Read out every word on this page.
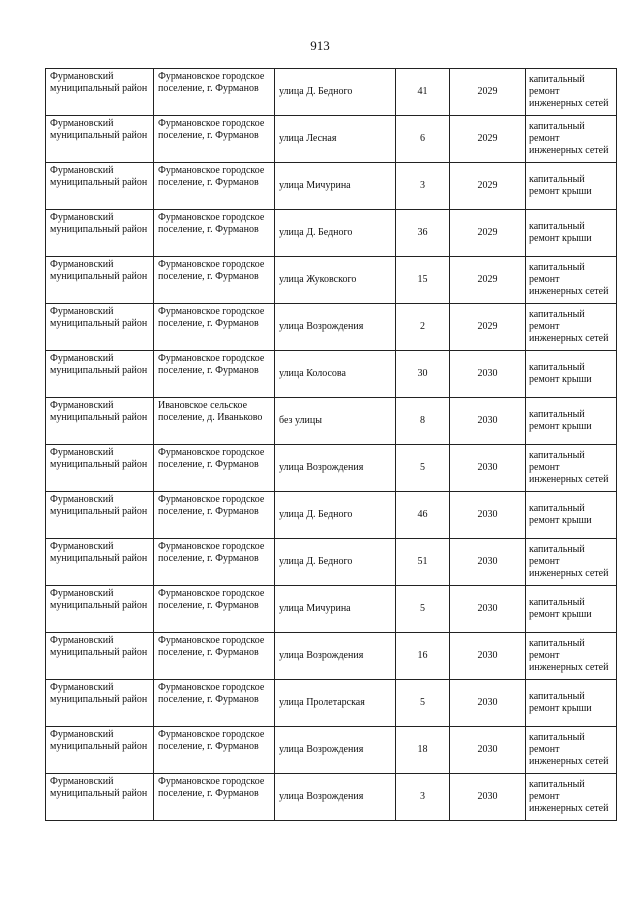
913
Фурмановский муниципальный район	Фурмановское городское поселение, г. Фурманов	улица Д. Бедного	41	2029	капитальный ремонт инженерных сетей
Фурмановский муниципальный район	Фурмановское городское поселение, г. Фурманов	улица Лесная	6	2029	капитальный ремонт инженерных сетей
Фурмановский муниципальный район	Фурмановское городское поселение, г. Фурманов	улица Мичурина	3	2029	капитальный ремонт крыши
Фурмановский муниципальный район	Фурмановское городское поселение, г. Фурманов	улица Д. Бедного	36	2029	капитальный ремонт крыши
Фурмановский муниципальный район	Фурмановское городское поселение, г. Фурманов	улица Жуковского	15	2029	капитальный ремонт инженерных сетей
Фурмановский муниципальный район	Фурмановское городское поселение, г. Фурманов	улица Возрождения	2	2029	капитальный ремонт инженерных сетей
Фурмановский муниципальный район	Фурмановское городское поселение, г. Фурманов	улица Колосова	30	2030	капитальный ремонт крыши
Фурмановский муниципальный район	Ивановское сельское поселение, д. Иваньково	без улицы	8	2030	капитальный ремонт крыши
Фурмановский муниципальный район	Фурмановское городское поселение, г. Фурманов	улица Возрождения	5	2030	капитальный ремонт инженерных сетей
Фурмановский муниципальный район	Фурмановское городское поселение, г. Фурманов	улица Д. Бедного	46	2030	капитальный ремонт крыши
Фурмановский муниципальный район	Фурмановское городское поселение, г. Фурманов	улица Д. Бедного	51	2030	капитальный ремонт инженерных сетей
Фурмановский муниципальный район	Фурмановское городское поселение, г. Фурманов	улица Мичурина	5	2030	капитальный ремонт крыши
Фурмановский муниципальный район	Фурмановское городское поселение, г. Фурманов	улица Возрождения	16	2030	капитальный ремонт инженерных сетей
Фурмановский муниципальный район	Фурмановское городское поселение, г. Фурманов	улица Пролетарская	5	2030	капитальный ремонт крыши
Фурмановский муниципальный район	Фурмановское городское поселение, г. Фурманов	улица Возрождения	18	2030	капитальный ремонт инженерных сетей
Фурмановский муниципальный район	Фурмановское городское поселение, г. Фурманов	улица Возрождения	3	2030	капитальный ремонт инженерных сетей
